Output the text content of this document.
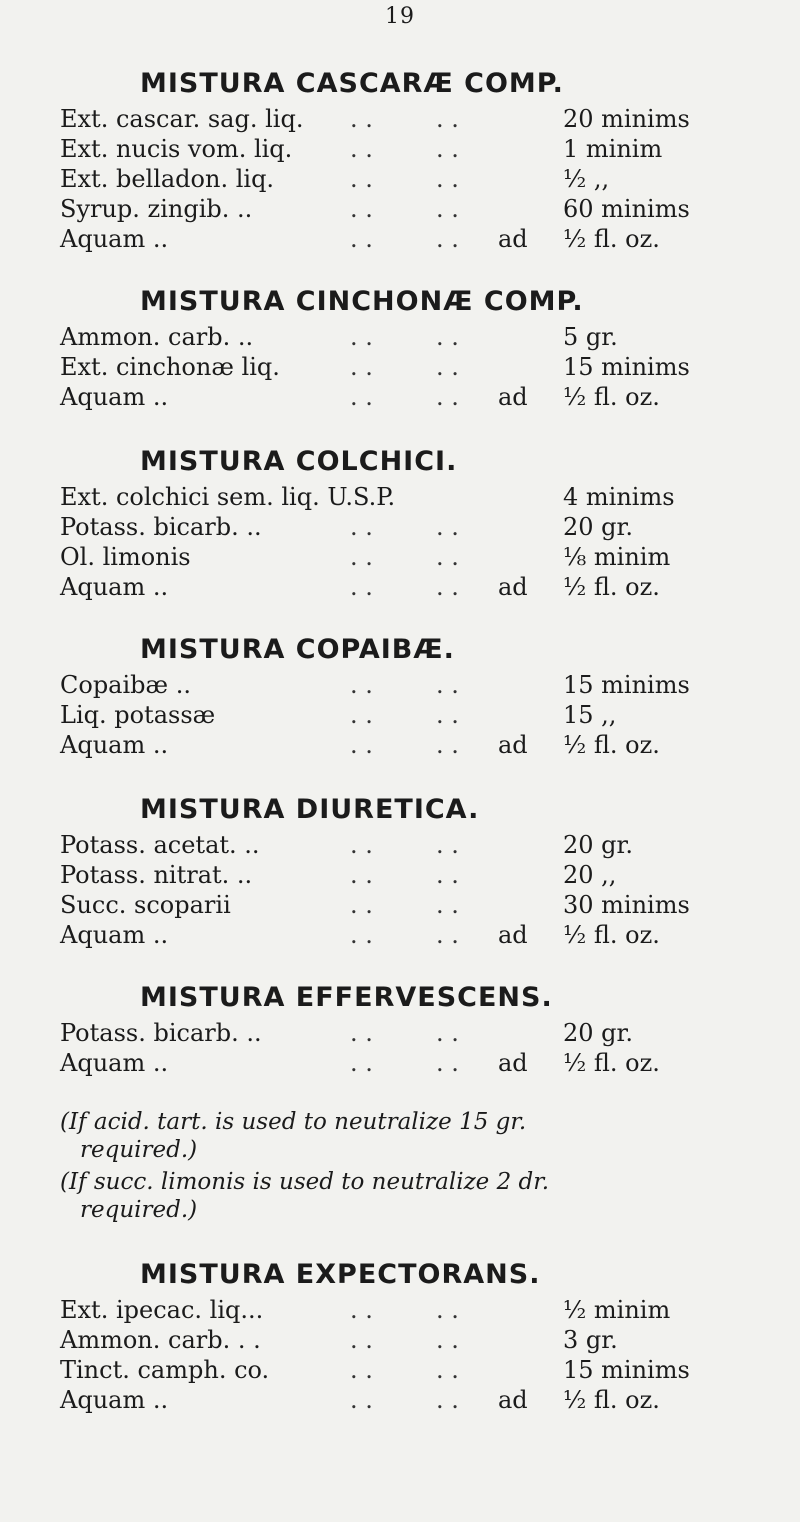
19
MISTURA CASCARÆ COMP.
Ext. cascar. sag. liq. . .	. .	20 minims
Ext. nucis vom. liq. . .	. .	1 minim
Ext. belladon. liq.	. .	. .	½ ,,
Syrup. zingib. ..	. .	. .	60 minims
Aquam ..	. .	. . ad ½ fl. oz.
MISTURA CINCHONÆ COMP.
Ammon. carb. ..	. .	. .	5 gr.
Ext. cinchonæ liq.	. .	. .	15 minims
Aquam ..	. .	. . ad ½ fl. oz.
MISTURA COLCHICI.
Ext. colchici sem. liq. U.S.P.	4 minims
Potass. bicarb. ..	. .	. .	20 gr.
Ol. limonis	. .	. .	⅛ minim
Aquam ..	. .	. . ad ½ fl. oz.
MISTURA COPAIBÆ.
Copaibæ ..	. .	. .	15 minims
Liq. potassæ	. .	. .	15 ,,
Aquam ..	. .	. . ad ½ fl. oz.
MISTURA DIURETICA.
Potass. acetat. ..	. .	. .	20 gr.
Potass. nitrat. ..	. .	. .	20 ,,
Succ. scoparii	. .	. .	30 minims
Aquam ..	. .	. . ad ½ fl. oz.
MISTURA EFFERVESCENS.
Potass. bicarb. ..	. .	. .	20 gr.
Aquam ..	. .	. . ad ½ fl. oz.
(If acid. tart. is used to neutralize 15 gr.
required.)
(If succ. limonis is used to neutralize 2 dr.
required.)
MISTURA EXPECTORANS.
Ext. ipecac. liq...	. .	. .	½ minim
Ammon. carb. . .	. .	. .	3 gr.
Tinct. camph. co.	. .	. .	15 minims
Aquam ..	. .	. . ad ½ fl. oz.
